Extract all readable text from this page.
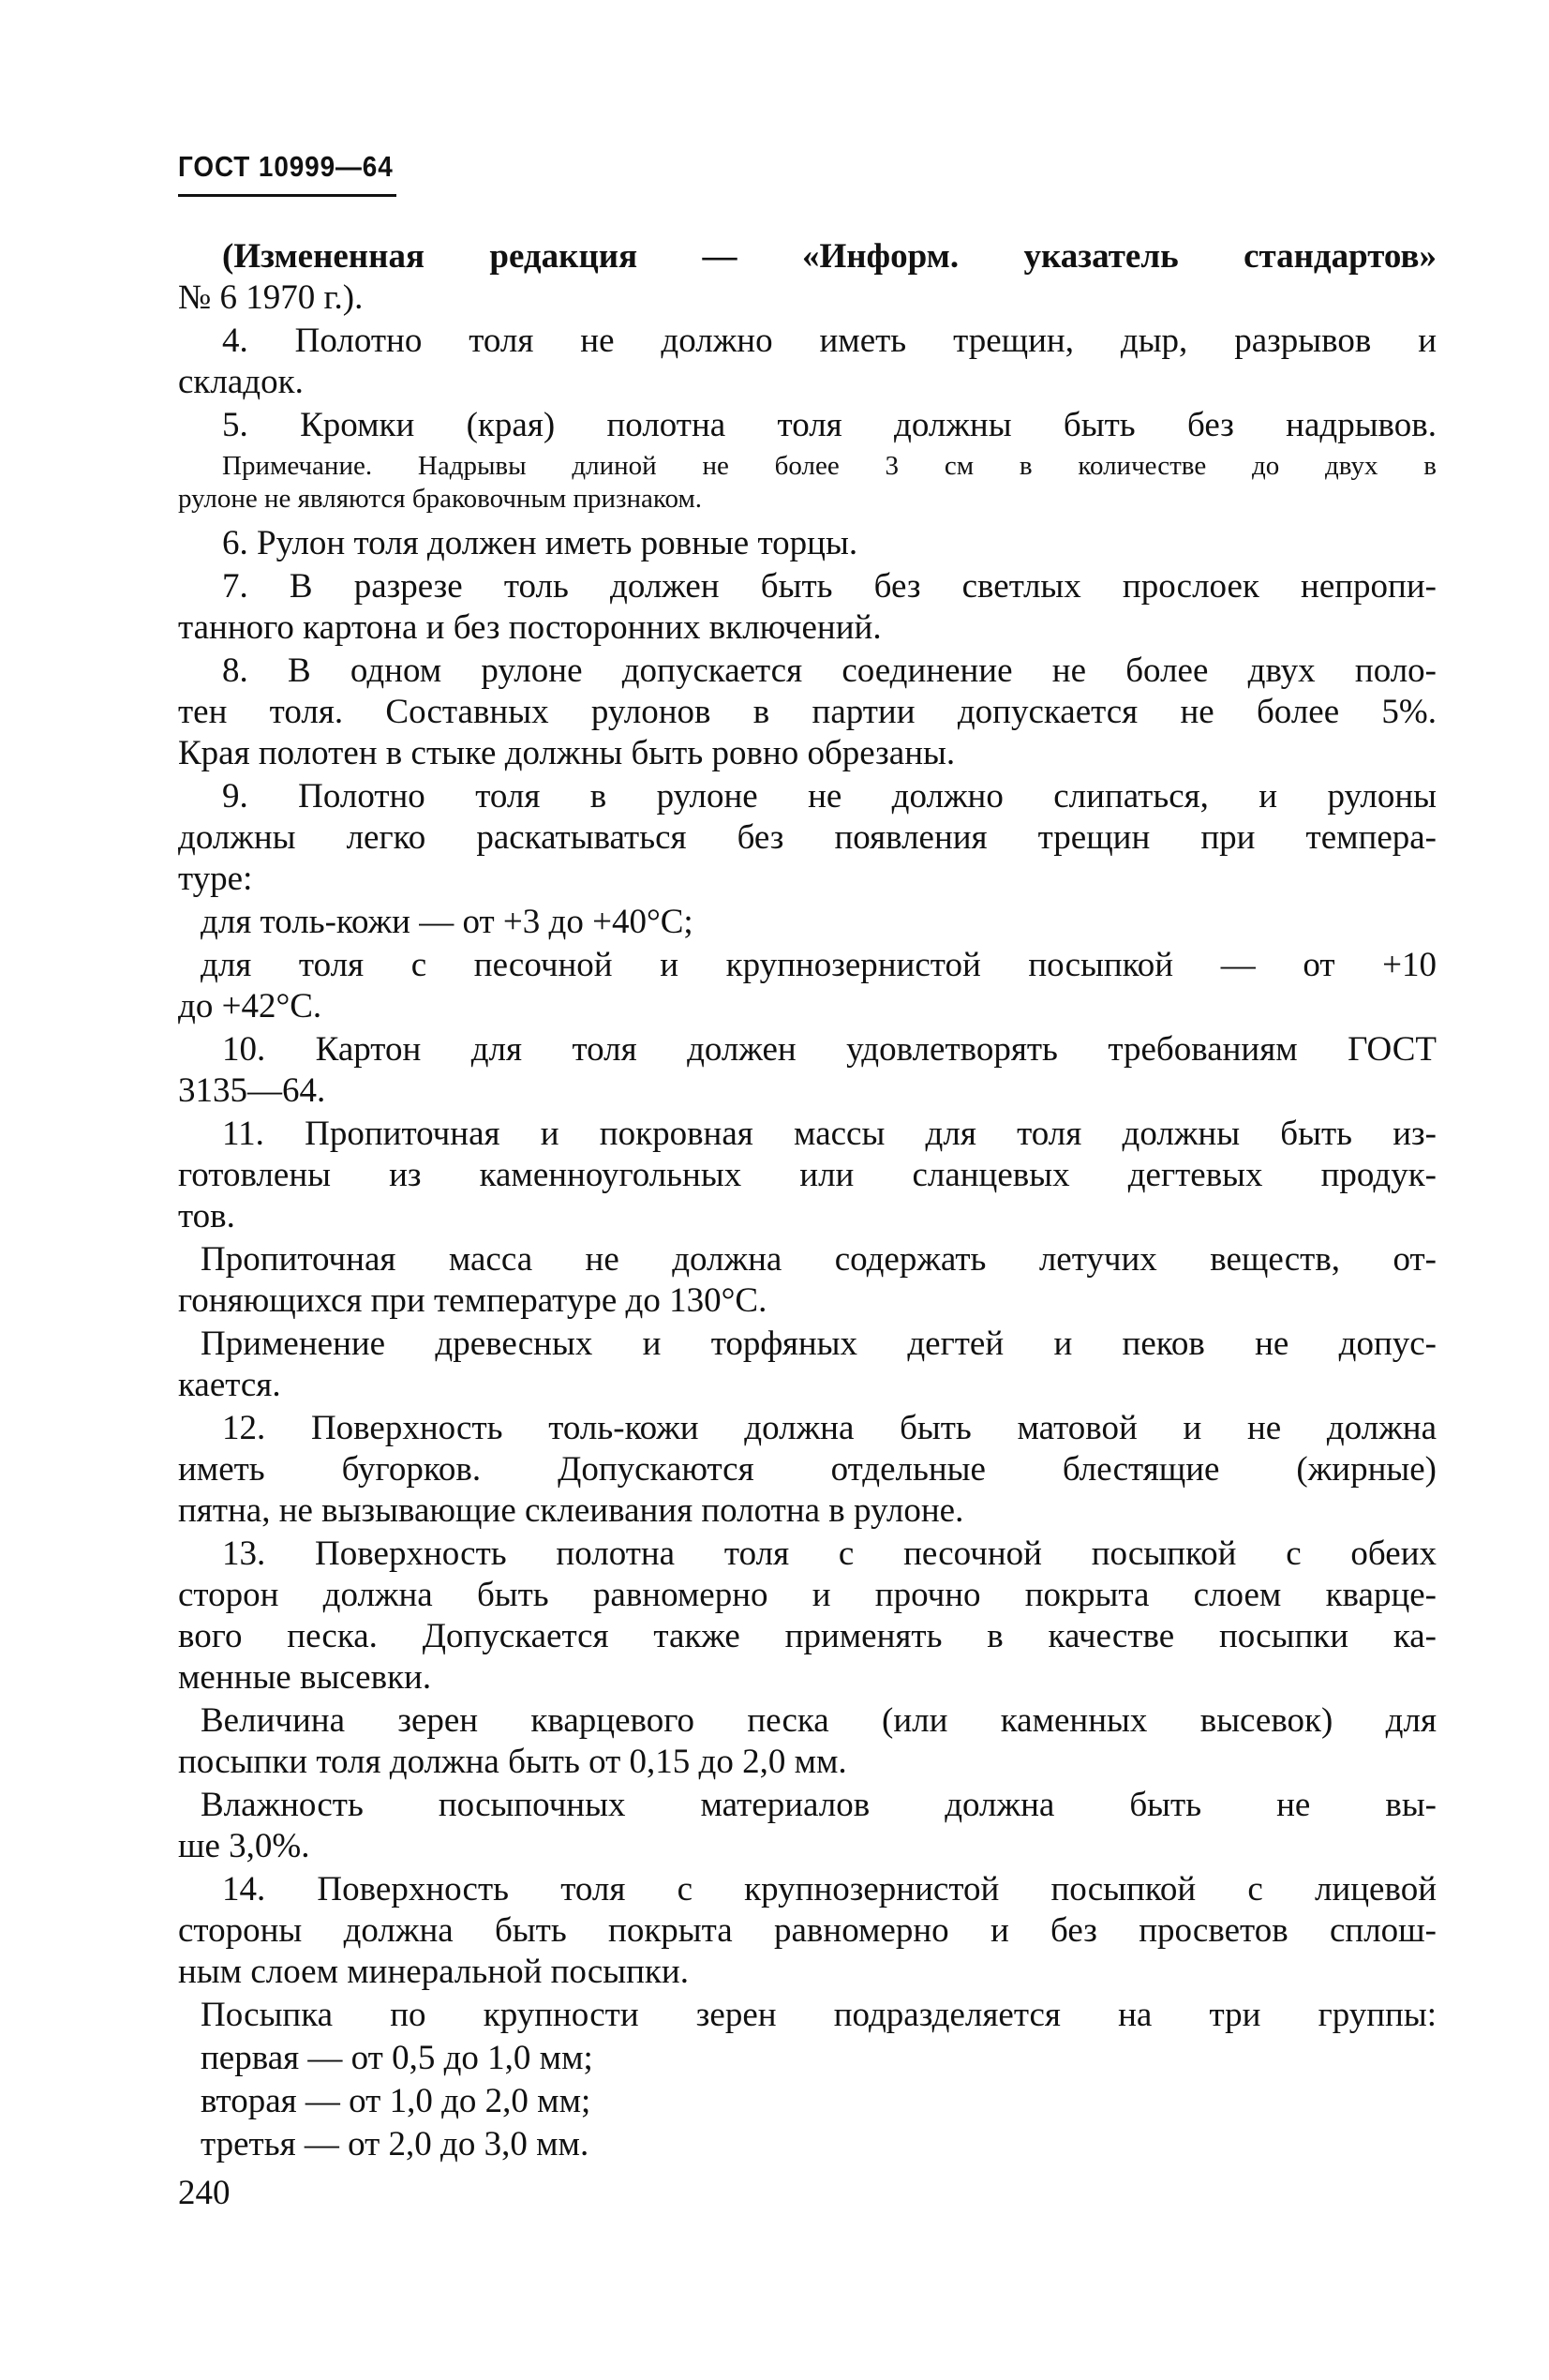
ГОСТ 10999—64
(Измененная редакция — «Информ. указатель стандартов»
№ 6 1970 г.).
4. Полотно толя не должно иметь трещин, дыр, разрывов и
складок.
5. Кромки (края) полотна толя должны быть без надрывов.
Примечание. Надрывы длиной не более 3 см в количестве до двух в
рулоне не являются браковочным признаком.
6. Рулон толя должен иметь ровные торцы.
7. В разрезе толь должен быть без светлых прослоек непропи-
танного картона и без посторонних включений.
8. В одном рулоне допускается соединение не более двух поло-
тен толя. Составных рулонов в партии допускается не более 5%.
Края полотен в стыке должны быть ровно обрезаны.
9. Полотно толя в рулоне не должно слипаться, и рулоны
должны легко раскатываться без появления трещин при темпера-
туре:
для толь-кожи — от +3 до +40°С;
для толя с песочной и крупнозернистой посыпкой — от +10
до +42°С.
10. Картон для толя должен удовлетворять требованиям ГОСТ
3135—64.
11. Пропиточная и покровная массы для толя должны быть из-
готовлены из каменноугольных или сланцевых дегтевых продук-
тов.
Пропиточная масса не должна содержать летучих веществ, от-
гоняющихся при температуре до 130°С.
Применение древесных и торфяных дегтей и пеков не допус-
кается.
12. Поверхность толь-кожи должна быть матовой и не должна
иметь бугорков. Допускаются отдельные блестящие (жирные)
пятна, не вызывающие склеивания полотна в рулоне.
13. Поверхность полотна толя с песочной посыпкой с обеих
сторон должна быть равномерно и прочно покрыта слоем кварце-
вого песка. Допускается также применять в качестве посыпки ка-
менные высевки.
Величина зерен кварцевого песка (или каменных высевок) для
посыпки толя должна быть от 0,15 до 2,0 мм.
Влажность посыпочных материалов должна быть не вы-
ше 3,0%.
14. Поверхность толя с крупнозернистой посыпкой с лицевой
стороны должна быть покрыта равномерно и без просветов сплош-
ным слоем минеральной посыпки.
Посыпка по крупности зерен подразделяется на три группы:
первая — от 0,5 до 1,0 мм;
вторая — от 1,0 до 2,0 мм;
третья — от 2,0 до 3,0 мм.
240
